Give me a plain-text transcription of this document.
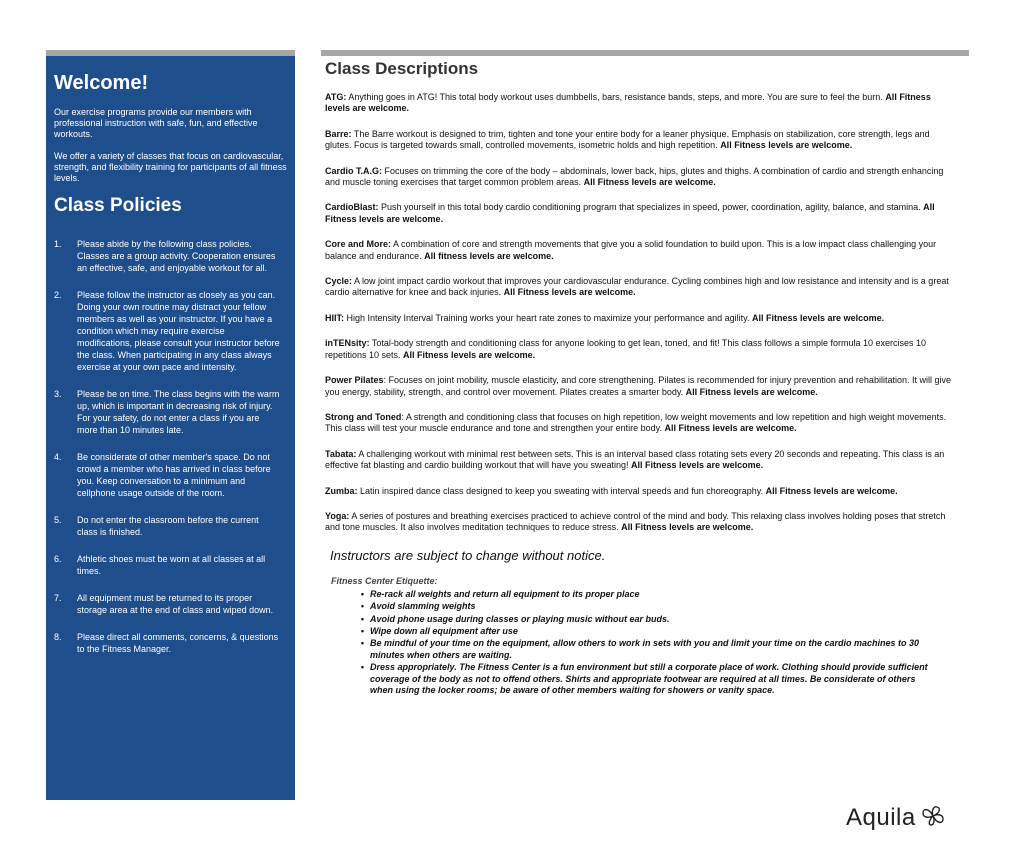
Welcome!

Our exercise programs provide our members with professional instruction with safe, fun, and effective workouts.

We offer a variety of classes that focus on cardiovascular, strength, and flexibility training for participants of all fitness levels.

Class Policies
1.	Please abide by the following class policies. Classes are a group activity. Cooperation ensures an effective, safe, and enjoyable workout for all.
2.	Please follow the instructor as closely as you can. Doing your own routine may distract your fellow members as well as your instructor. If you have a condition which may require exercise modifications, please consult your instructor before the class. When participating in any class always exercise at your own pace and intensity.
3.	Please be on time. The class begins with the warm up, which is important in decreasing risk of injury. For your safety, do not enter a class if you are more than 10 minutes late.
4.	Be considerate of other member's space. Do not crowd a member who has arrived in class before you. Keep conversation to a minimum and cellphone usage outside of the room.
5.	Do not enter the classroom before the current class is finished.
6.	Athletic shoes must be worn at all classes at all times.
7.	All equipment must be returned to its proper storage area at the end of class and wiped down.
8.	Please direct all comments, concerns, & questions to the Fitness Manager.
Class Descriptions

ATG: Anything goes in ATG! This total body workout uses dumbbells, bars, resistance bands, steps, and more. You are sure to feel the burn. All Fitness levels are welcome.

Barre: The Barre workout is designed to trim, tighten and tone your entire body for a leaner physique. Emphasis on stabilization, core strength, legs and glutes. Focus is targeted towards small, controlled movements, isometric holds and high repetition. All Fitness levels are welcome.

Cardio T.A.G: Focuses on trimming the core of the body – abdominals, lower back, hips, glutes and thighs. A combination of cardio and strength enhancing and muscle toning exercises that target common problem areas. All Fitness levels are welcome.

CardioBlast: Push yourself in this total body cardio conditioning program that specializes in speed, power, coordination, agility, balance, and stamina. All Fitness levels are welcome.

Core and More: A combination of core and strength movements that give you a solid foundation to build upon. This is a low impact class challenging your balance and endurance. All fitness levels are welcome.

Cycle: A low joint impact cardio workout that improves your cardiovascular endurance. Cycling combines high and low resistance and intensity and is a great cardio alternative for knee and back injuries. All Fitness levels are welcome.

HIIT: High Intensity Interval Training works your heart rate zones to maximize your performance and agility. All Fitness levels are welcome.

inTENsity: Total-body strength and conditioning class for anyone looking to get lean, toned, and fit! This class follows a simple formula 10 exercises 10 repetitions 10 sets. All Fitness levels are welcome.

Power Pilates: Focuses on joint mobility, muscle elasticity, and core strengthening. Pilates is recommended for injury prevention and rehabilitation. It will give you energy, stability, strength, and control over movement. Pilates creates a smarter body. All Fitness levels are welcome.

Strong and Toned: A strength and conditioning class that focuses on high repetition, low weight movements and low repetition and high weight movements. This class will test your muscle endurance and tone and strengthen your entire body. All Fitness levels are welcome.

Tabata: A challenging workout with minimal rest between sets. This is an interval based class rotating sets every 20 seconds and repeating. This class is an effective fat blasting and cardio building workout that will have you sweating! All Fitness levels are welcome.

Zumba: Latin inspired dance class designed to keep you sweating with interval speeds and fun choreography. All Fitness levels are welcome.

Yoga: A series of postures and breathing exercises practiced to achieve control of the mind and body. This relaxing class involves holding poses that stretch and tone muscles. It also involves meditation techniques to reduce stress. All Fitness levels are welcome.

Instructors are subject to change without notice.
Fitness Center Etiquette:
• Re-rack all weights and return all equipment to its proper place
• Avoid slamming weights
• Avoid phone usage during classes or playing music without ear buds.
• Wipe down all equipment after use
• Be mindful of your time on the equipment, allow others to work in sets with you and limit your time on the cardio machines to 30 minutes when others are waiting.
• Dress appropriately. The Fitness Center is a fun environment but still a corporate place of work. Clothing should provide sufficient coverage of the body as not to offend others. Shirts and appropriate footwear are required at all times. Be considerate of others when using the locker rooms; be aware of other members waiting for showers or vanity space.
Aquila
